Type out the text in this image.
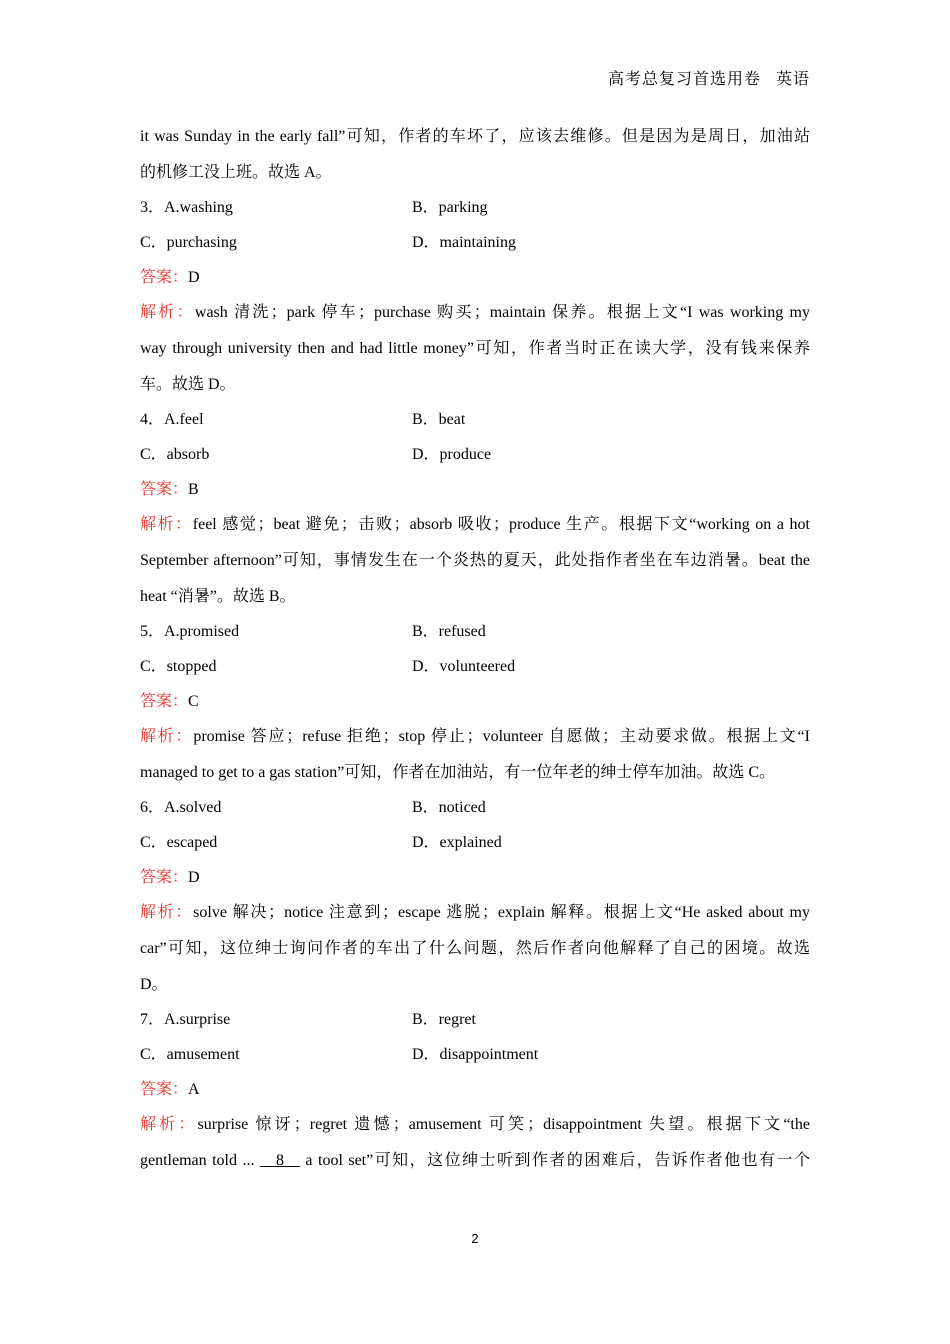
高考总复习首选用卷 英语
it was Sunday in the early fall”可知，作者的车坏了，应该去维修。但是因为是周日，加油站
的机修工没上班。故选 A。
3．A.washing	B．parking
C．purchasing	D．maintaining
答案：D
解析：wash 清洗；park 停车；purchase 购买；maintain 保养。根据上文“I was working my
way through university then and had little money”可知，作者当时正在读大学，没有钱来保养
车。故选 D。
4．A.feel	B．beat
C．absorb	D．produce
答案：B
解析：feel 感觉；beat 避免；击败；absorb 吸收；produce 生产。根据下文“working on a hot
September afternoon”可知，事情发生在一个炎热的夏天，此处指作者坐在车边消暑。beat the
heat “消暑”。故选 B。
5．A.promised	B．refused
C．stopped	D．volunteered
答案：C
解析：promise 答应；refuse 拒绝；stop 停止；volunteer 自愿做；主动要求做。根据上文“I
managed to get to a gas station”可知，作者在加油站，有一位年老的绅士停车加油。故选 C。
6．A.solved	B．noticed
C．escaped	D．explained
答案：D
解析：solve 解决；notice 注意到；escape 逃脱；explain 解释。根据上文“He asked about my
car”可知，这位绅士询问作者的车出了什么问题，然后作者向他解释了自己的困境。故选
D。
7．A.surprise	B．regret
C．amusement	D．disappointment
答案：A
解析：surprise 惊讶；regret 遗憾；amusement 可笑；disappointment 失望。根据下文“the
gentleman told ... __8__ a tool set”可知，这位绅士听到作者的困难后，告诉作者他也有一个
2
